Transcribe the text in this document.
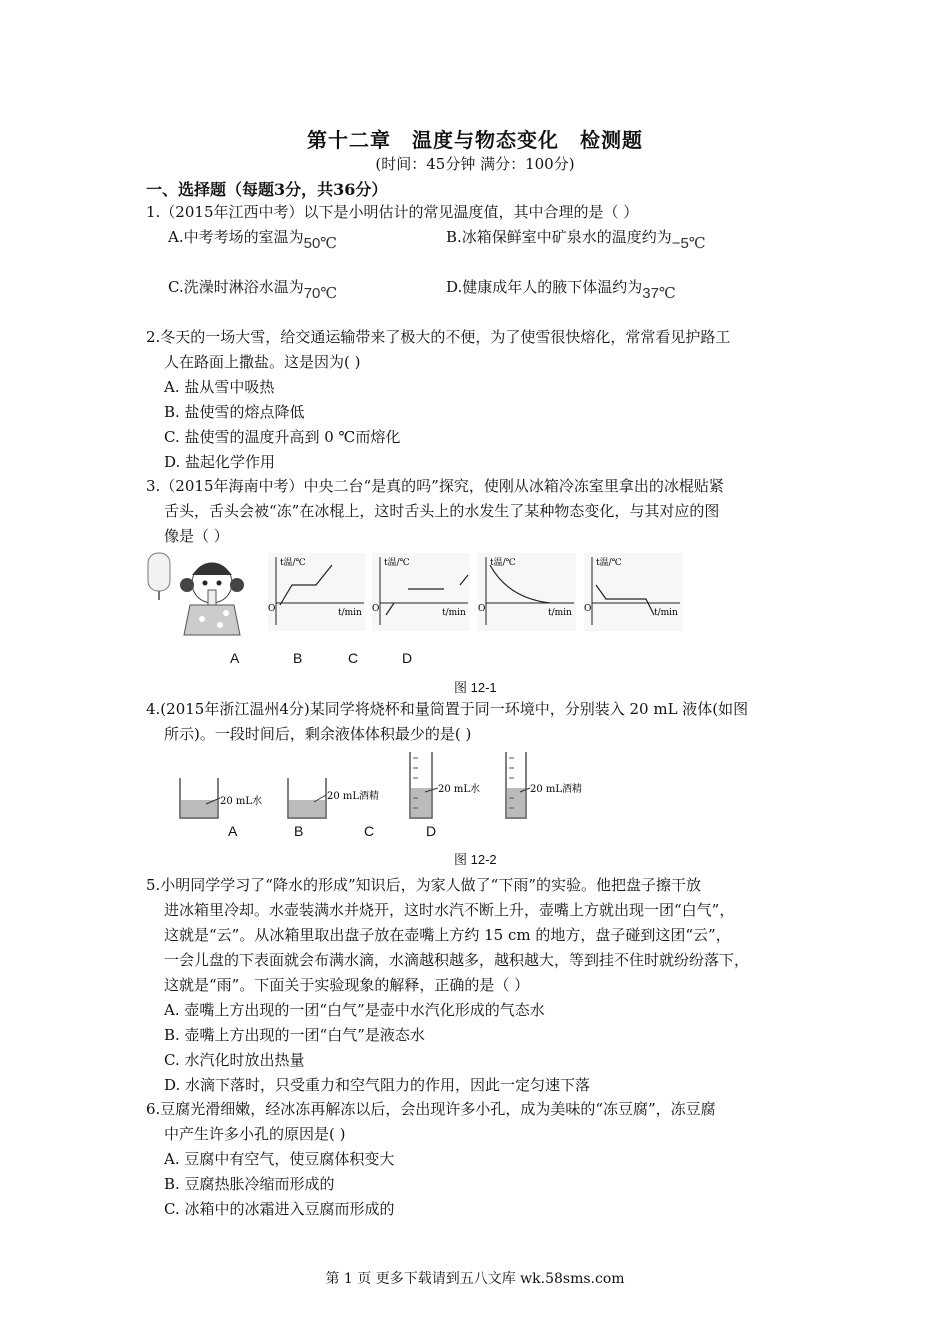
第十二章　温度与物态变化　检测题
(时间：45分钟 满分：100分)
一、选择题（每题3分，共36分）
1.（2015年江西中考）以下是小明估计的常见温度值，其中合理的是（ ）
A.中考考场的室温为50℃	B.冰箱保鲜室中矿泉水的温度约为−5℃
C.洗澡时淋浴水温为70℃	D.健康成年人的腋下体温约为37℃
2.冬天的一场大雪，给交通运输带来了极大的不便，为了使雪很快熔化，常常看见护路工
人在路面上撒盐。这是因为( )
A. 盐从雪中吸热
B. 盐使雪的熔点降低
C. 盐使雪的温度升高到 0 ℃而熔化
D. 盐起化学作用
3.（2015年海南中考）中央二台“是真的吗”探究，使刚从冰箱冷冻室里拿出的冰棍贴紧
舌头，舌头会被“冻”在冰棍上，这时舌头上的水发生了某种物态变化，与其对应的图
像是（ ）
t温/℃
t/min
O
t温/℃
t/min
O
t温/℃
t/min
O
t温/℃
t/min
O
A	B	C	D
图 12-1
4.(2015年浙江温州4分)某同学将烧杯和量筒置于同一环境中，分别装入 20 mL 液体(如图
所示)。一段时间后，剩余液体体积最少的是( )
20 mL水	20 mL酒精
20 mL水	20 mL酒精
A	B	C	D
图 12-2
5.小明同学学习了“降水的形成”知识后，为家人做了“下雨”的实验。他把盘子擦干放
进冰箱里冷却。水壶装满水并烧开，这时水汽不断上升，壶嘴上方就出现一团“白气”，
这就是“云”。从冰箱里取出盘子放在壶嘴上方约 15 cm 的地方，盘子碰到这团“云”，
一会儿盘的下表面就会布满水滴，水滴越积越多，越积越大，等到挂不住时就纷纷落下，
这就是“雨”。下面关于实验现象的解释，正确的是（ ）
A. 壶嘴上方出现的一团“白气”是壶中水汽化形成的气态水
B. 壶嘴上方出现的一团“白气”是液态水
C. 水汽化时放出热量
D. 水滴下落时，只受重力和空气阻力的作用，因此一定匀速下落
6.豆腐光滑细嫩，经冰冻再解冻以后，会出现许多小孔，成为美味的“冻豆腐”，冻豆腐
中产生许多小孔的原因是( )
A. 豆腐中有空气，使豆腐体积变大
B. 豆腐热胀冷缩而形成的
C. 冰箱中的冰霜进入豆腐而形成的
第 1 页 更多下载请到五八文库 wk.58sms.com
